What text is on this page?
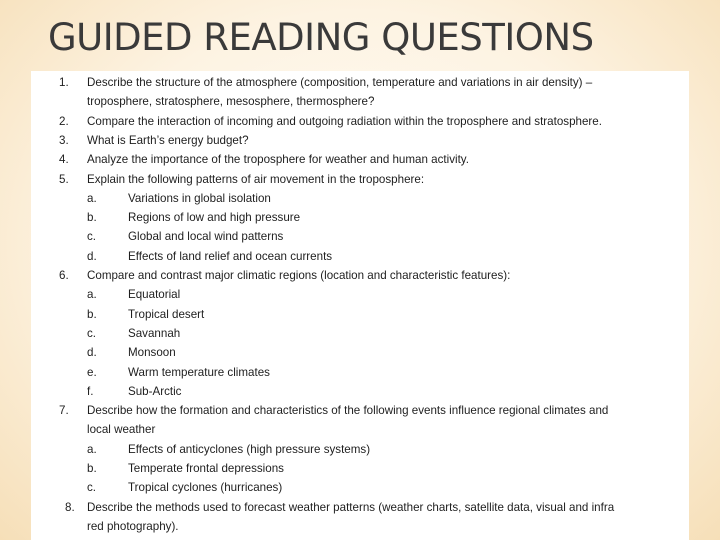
GUIDED READING QUESTIONS
1. Describe the structure of the atmosphere (composition, temperature and variations in air density) –
troposphere, stratosphere, mesosphere, thermosphere?
2. Compare the interaction of incoming and outgoing radiation within the troposphere and stratosphere.
3. What is Earth’s energy budget?
4. Analyze the importance of the troposphere for weather and human activity.
5. Explain the following patterns of air movement in the troposphere:
a.	Variations in global isolation
b.	Regions of low and high pressure
c.	Global and local wind patterns
d.	Effects of land relief and ocean currents
6. Compare and contrast major climatic regions (location and characteristic features):
a.	Equatorial
b.	Tropical desert
c.	Savannah
d.	Monsoon
e.	Warm temperature climates
f.	Sub-Arctic
7. Describe how the formation and characteristics of the following events influence regional climates and
local weather
a.	Effects of anticyclones (high pressure systems)
b.	Temperate frontal depressions
c.	Tropical cyclones (hurricanes)
8. Describe the methods used to forecast weather patterns (weather charts, satellite data, visual and infra
red photography).
